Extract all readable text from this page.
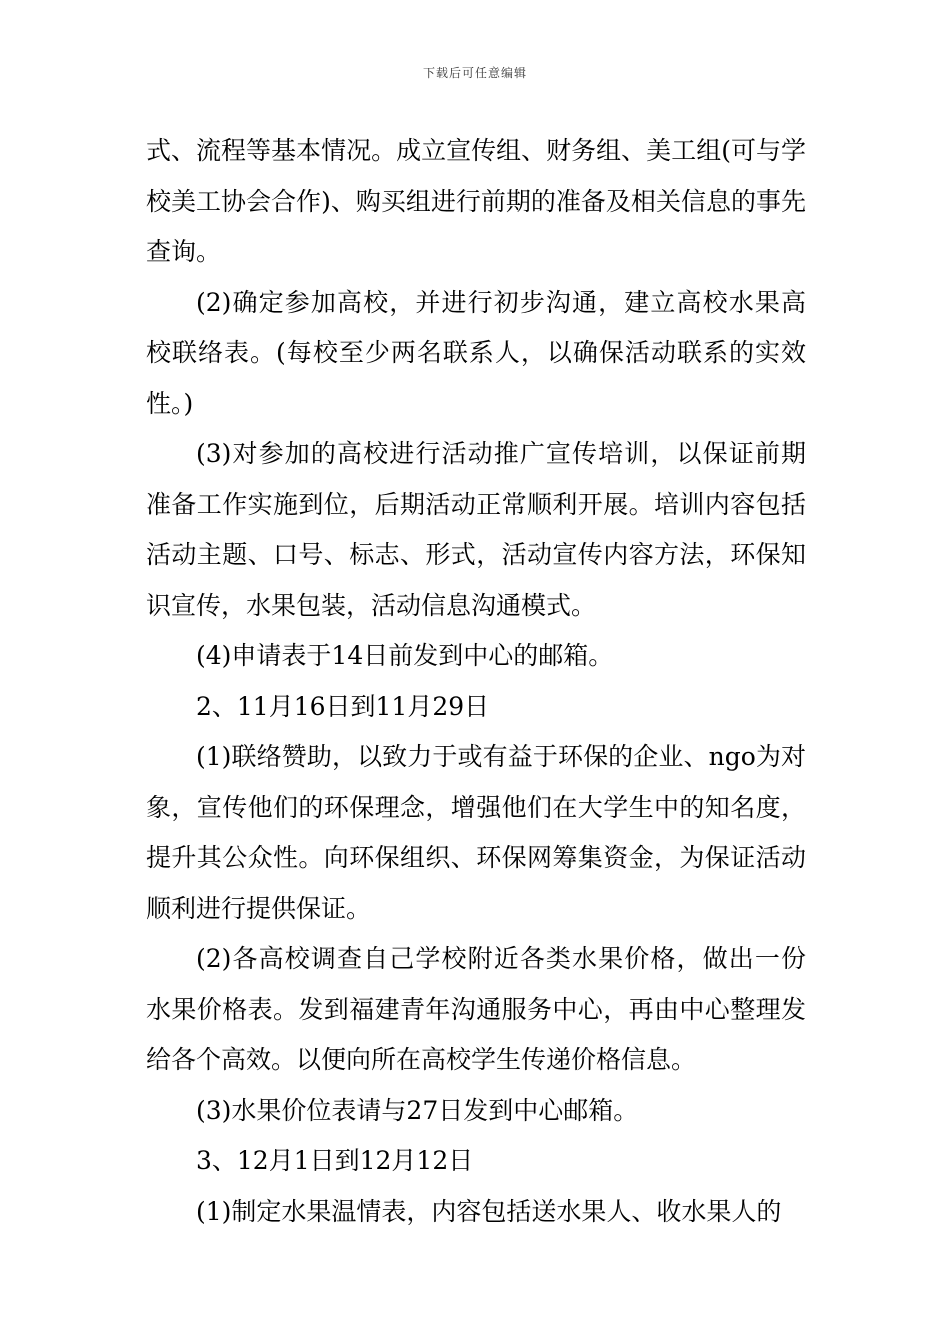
下载后可任意编辑

式、流程等基本情况。成立宣传组、财务组、美工组(可与学校美工协会合作)、购买组进行前期的准备及相关信息的事先查询。

(2)确定参加高校，并进行初步沟通，建立高校水果高校联络表。(每校至少两名联系人，以确保活动联系的实效性。)

(3)对参加的高校进行活动推广宣传培训，以保证前期准备工作实施到位，后期活动正常顺利开展。培训内容包括活动主题、口号、标志、形式，活动宣传内容方法，环保知识宣传，水果包装，活动信息沟通模式。

(4)申请表于14日前发到中心的邮箱。

2、11月16日到11月29日

(1)联络赞助，以致力于或有益于环保的企业、ngo为对象，宣传他们的环保理念，增强他们在大学生中的知名度，提升其公众性。向环保组织、环保网筹集资金，为保证活动顺利进行提供保证。

(2)各高校调查自己学校附近各类水果价格，做出一份水果价格表。发到福建青年沟通服务中心，再由中心整理发给各个高效。以便向所在高校学生传递价格信息。

(3)水果价位表请与27日发到中心邮箱。

3、12月1日到12月12日

(1)制定水果温情表，内容包括送水果人、收水果人的
